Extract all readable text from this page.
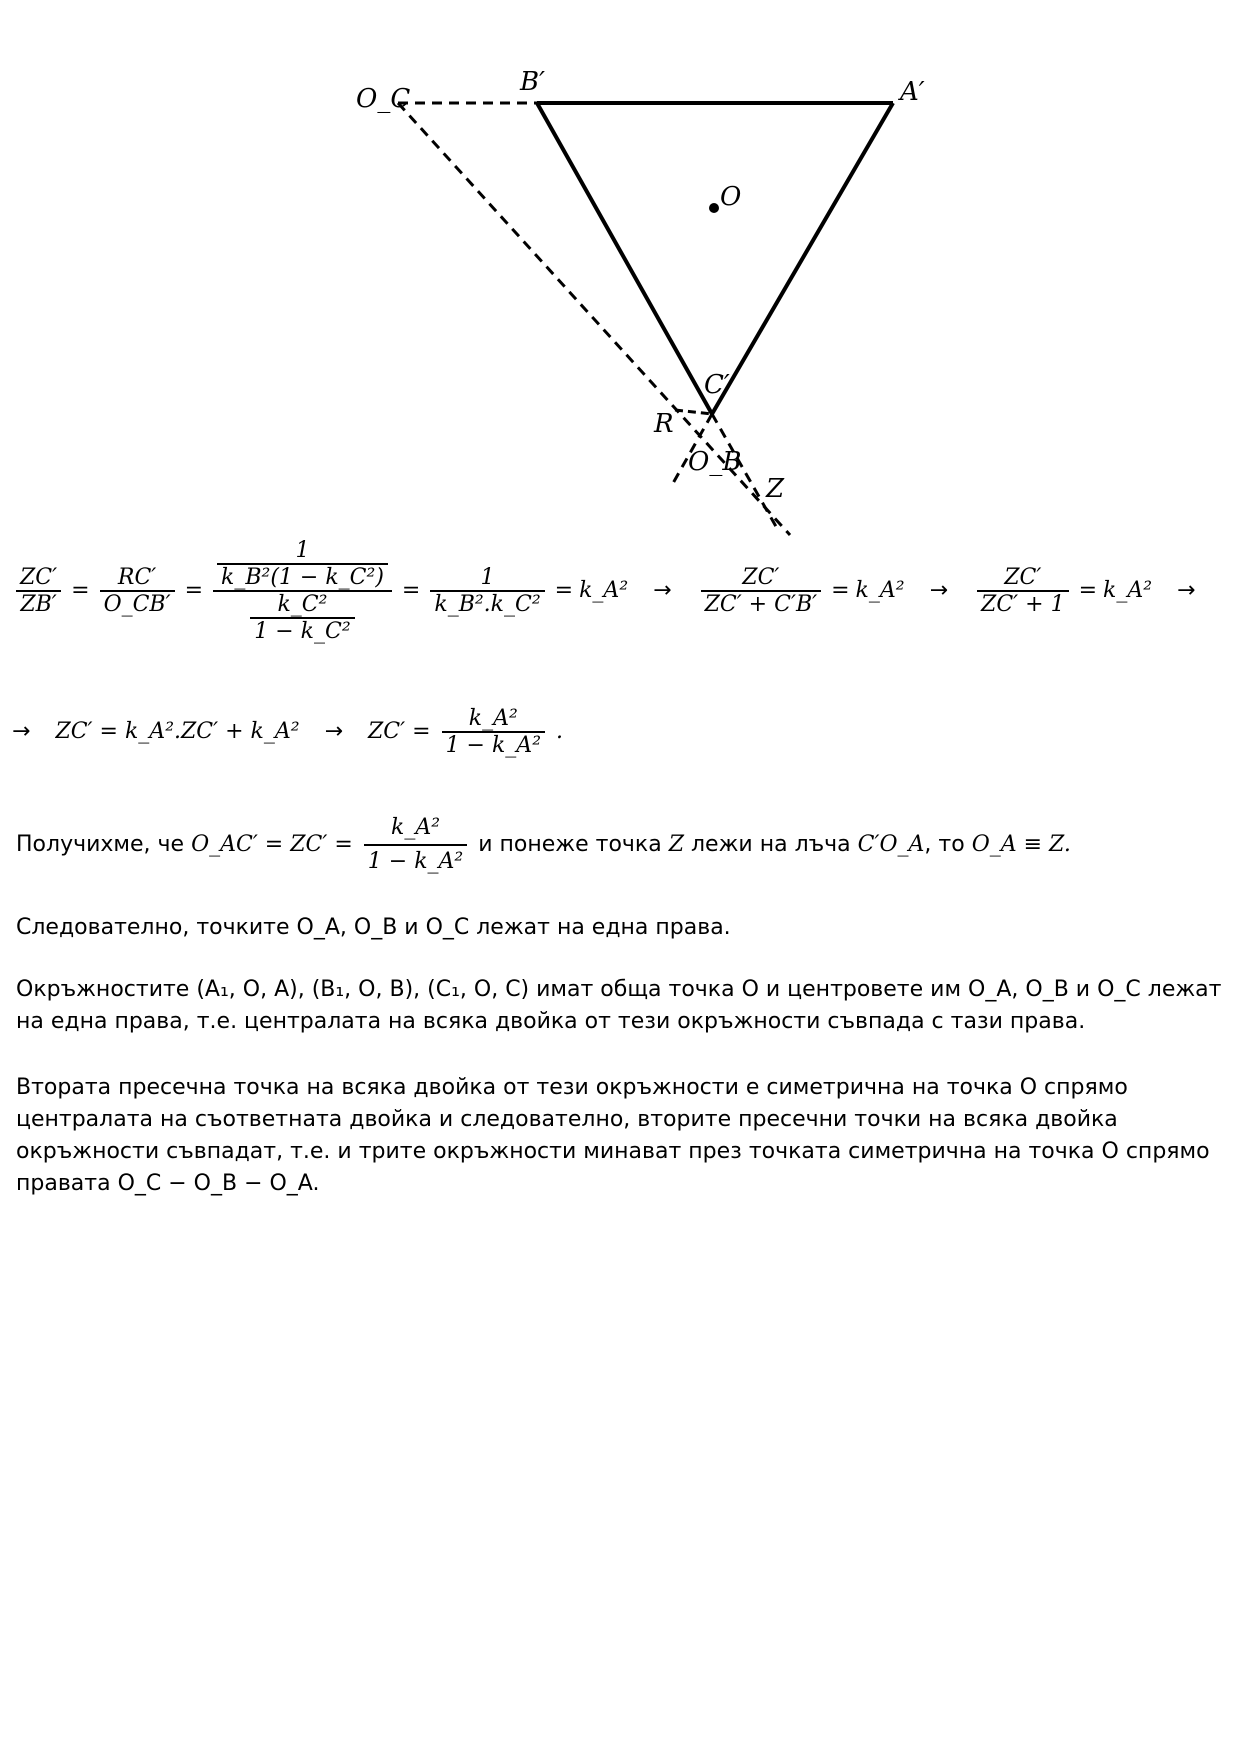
O_C
B′	A′
O
C′
R
O_B
Z
$\frac{ZC'}{ZB'} = \frac{RC'}{O\_CB'} = \frac{\frac{1}{\text{k\_B²(1 − k\_C²)}}}{\frac{\text{k\_C²}}{\text{1 − k\_C²}}} = \frac{1}{\text{k\_B².k\_C²}}$ = k_A² → $\frac{ZC'}{ZC' + C'B'}$ = k_A² → $\frac{ZC'}{ZC' + 1}$ = k_A² →
→ ZC′ = k_A².ZC′ + k_A² → $ZC' = \frac{\text{k\_A²}}{\text{1 − k\_A²}}$ .
Получихме, че O_AC′ = $ZC' = \frac{\text{k\_A²}}{\text{1 − k\_A²}}$ и понеже точка Z лежи на лъча C′O_A, то O_A ≡ Z.
Следователно, точките O_A, O_B и O_C лежат на една права.
Окръжностите (A₁, O, A), (B₁, O, B), (C₁, O, C) имат обща точка O и центровете им O_A, O_B и O_C лежат на една права, т.е. централата на всяка двойка от тези окръжности съвпада с тази права.
Втората пресечна точка на всяка двойка от тези окръжности е симетрична на точка O спрямо централата на съответната двойка и следователно, вторите пресечни точки на всяка двойка окръжности съвпадат, т.е. и трите окръжности минават през точката симетрична на точка O спрямо правата O_C − O_B − O_A.
